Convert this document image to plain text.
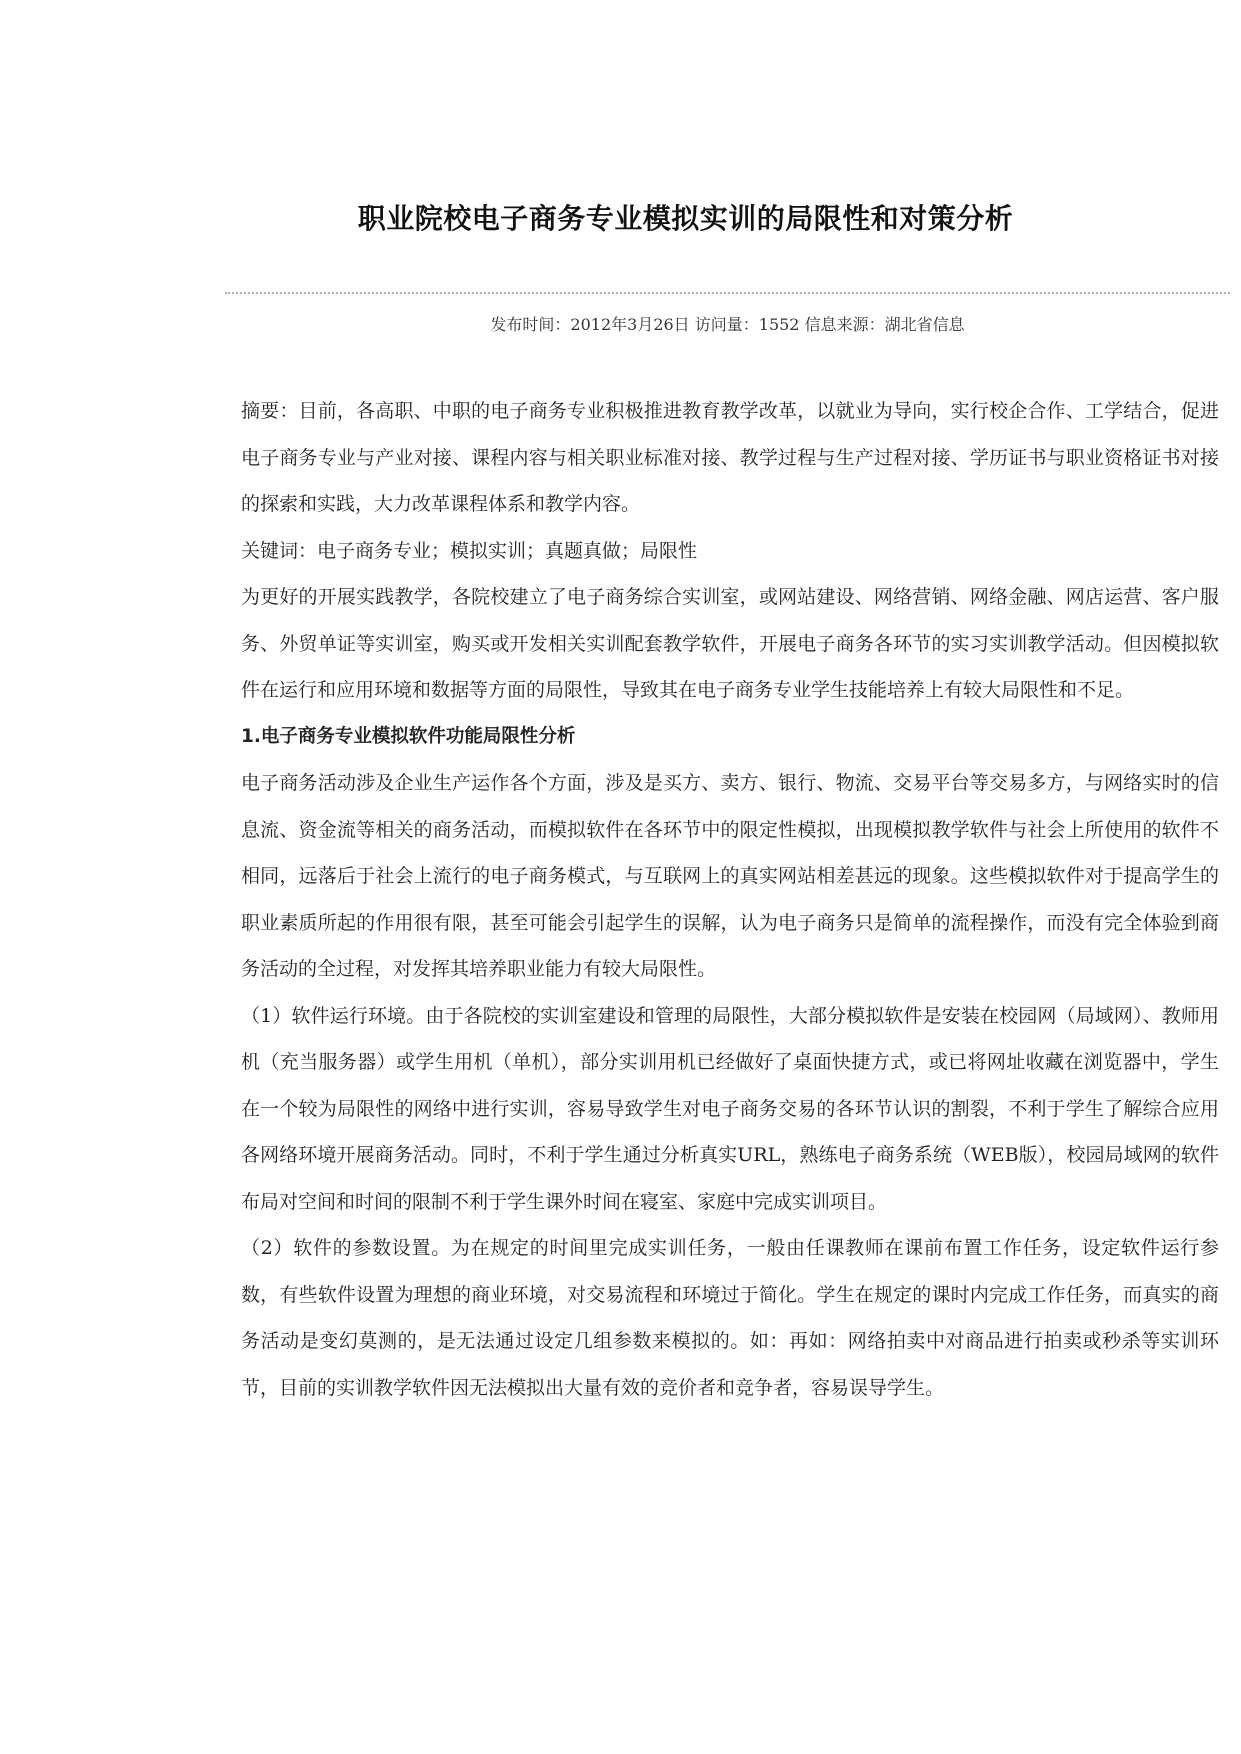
职业院校电子商务专业模拟实训的局限性和对策分析
发布时间：2012年3月26日 访问量：1552 信息来源：湖北省信息

摘要：目前，各高职、中职的电子商务专业积极推进教育教学改革，以就业为导向，实行校企合作、工学结合，促进电子商务专业与产业对接、课程内容与相关职业标准对接、教学过程与生产过程对接、学历证书与职业资格证书对接的探索和实践，大力改革课程体系和教学内容。

关键词：电子商务专业；模拟实训；真题真做；局限性

为更好的开展实践教学，各院校建立了电子商务综合实训室，或网站建设、网络营销、网络金融、网店运营、客户服务、外贸单证等实训室，购买或开发相关实训配套教学软件，开展电子商务各环节的实习实训教学活动。但因模拟软件在运行和应用环境和数据等方面的局限性，导致其在电子商务专业学生技能培养上有较大局限性和不足。

1.电子商务专业模拟软件功能局限性分析

电子商务活动涉及企业生产运作各个方面，涉及是买方、卖方、银行、物流、交易平台等交易多方，与网络实时的信息流、资金流等相关的商务活动，而模拟软件在各环节中的限定性模拟，出现模拟教学软件与社会上所使用的软件不相同，远落后于社会上流行的电子商务模式，与互联网上的真实网站相差甚远的现象。这些模拟软件对于提高学生的职业素质所起的作用很有限，甚至可能会引起学生的误解，认为电子商务只是简单的流程操作，而没有完全体验到商务活动的全过程，对发挥其培养职业能力有较大局限性。

（1）软件运行环境。由于各院校的实训室建设和管理的局限性，大部分模拟软件是安装在校园网（局域网）、教师用机（充当服务器）或学生用机（单机），部分实训用机已经做好了桌面快捷方式，或已将网址收藏在浏览器中，学生在一个较为局限性的网络中进行实训，容易导致学生对电子商务交易的各环节认识的割裂，不利于学生了解综合应用各网络环境开展商务活动。同时，不利于学生通过分析真实URL，熟练电子商务系统（WEB版），校园局域网的软件布局对空间和时间的限制不利于学生课外时间在寝室、家庭中完成实训项目。

（2）软件的参数设置。为在规定的时间里完成实训任务，一般由任课教师在课前布置工作任务，设定软件运行参数，有些软件设置为理想的商业环境，对交易流程和环境过于简化。学生在规定的课时内完成工作任务，而真实的商务活动是变幻莫测的，是无法通过设定几组参数来模拟的。如：再如：网络拍卖中对商品进行拍卖或秒杀等实训环节，目前的实训教学软件因无法模拟出大量有效的竞价者和竞争者，容易误导学生。
